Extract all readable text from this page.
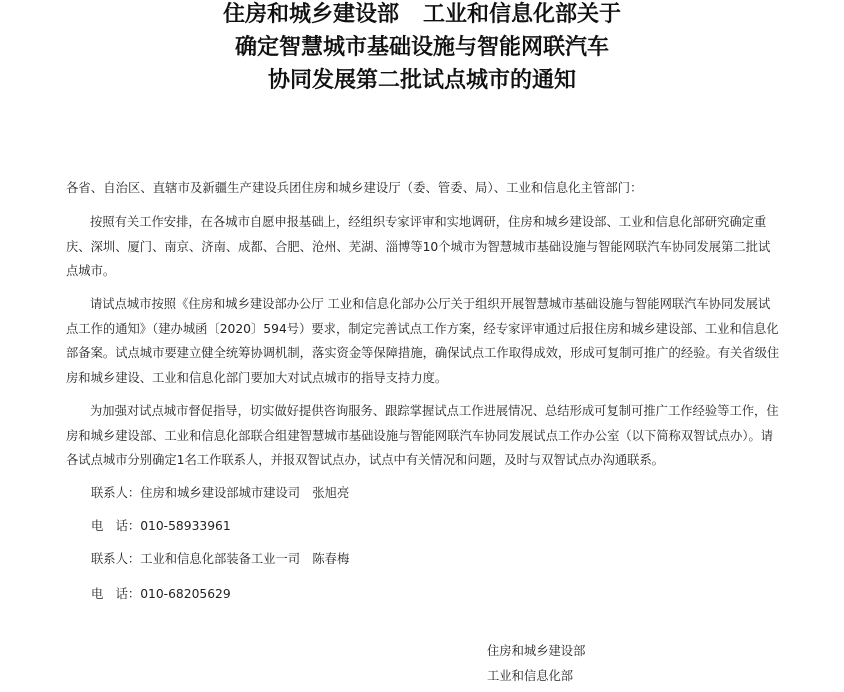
住房和城乡建设部 工业和信息化部关于
确定智慧城市基础设施与智能网联汽车
协同发展第二批试点城市的通知
各省、自治区、直辖市及新疆生产建设兵团住房和城乡建设厅（委、管委、局）、工业和信息化主管部门：
按照有关工作安排，在各城市自愿申报基础上，经组织专家评审和实地调研，住房和城乡建设部、工业和信息化部研究确定重庆、深圳、厦门、南京、济南、成都、合肥、沧州、芜湖、淄博等10个城市为智慧城市基础设施与智能网联汽车协同发展第二批试点城市。
请试点城市按照《住房和城乡建设部办公厅 工业和信息化部办公厅关于组织开展智慧城市基础设施与智能网联汽车协同发展试点工作的通知》（建办城函〔2020〕594号）要求，制定完善试点工作方案，经专家评审通过后报住房和城乡建设部、工业和信息化部备案。试点城市要建立健全统筹协调机制，落实资金等保障措施，确保试点工作取得成效，形成可复制可推广的经验。有关省级住房和城乡建设、工业和信息化部门要加大对试点城市的指导支持力度。
为加强对试点城市督促指导，切实做好提供咨询服务、跟踪掌握试点工作进展情况、总结形成可复制可推广工作经验等工作，住房和城乡建设部、工业和信息化部联合组建智慧城市基础设施与智能网联汽车协同发展试点工作办公室（以下简称双智试点办）。请各试点城市分别确定1名工作联系人，并报双智试点办，试点中有关情况和问题，及时与双智试点办沟通联系。
联系人：住房和城乡建设部城市建设司　张旭亮
电　话：010-58933961
联系人：工业和信息化部装备工业一司　陈春梅
电　话：010-68205629
住房和城乡建设部
工业和信息化部
